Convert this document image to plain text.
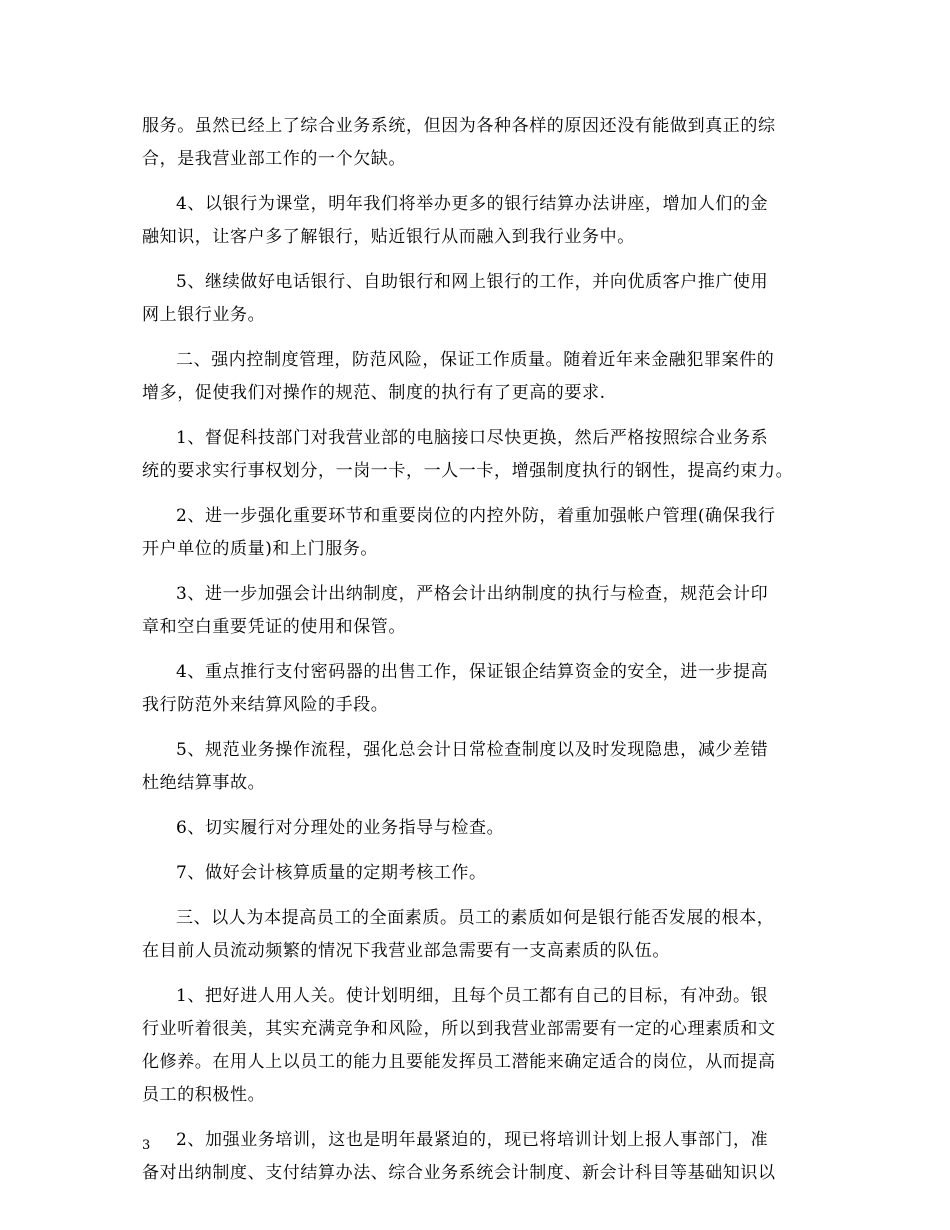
服务。虽然已经上了综合业务系统，但因为各种各样的原因还没有能做到真正的综
合，是我营业部工作的一个欠缺。
4、以银行为课堂，明年我们将举办更多的银行结算办法讲座，增加人们的金
融知识，让客户多了解银行，贴近银行从而融入到我行业务中。
5、继续做好电话银行、自助银行和网上银行的工作，并向优质客户推广使用
网上银行业务。
二、强内控制度管理，防范风险，保证工作质量。随着近年来金融犯罪案件的
增多，促使我们对操作的规范、制度的执行有了更高的要求.
1、督促科技部门对我营业部的电脑接口尽快更换，然后严格按照综合业务系
统的要求实行事权划分，一岗一卡，一人一卡，增强制度执行的钢性，提高约束力。
2、进一步强化重要环节和重要岗位的内控外防，着重加强帐户管理(确保我行
开户单位的质量)和上门服务。
3、进一步加强会计出纳制度，严格会计出纳制度的执行与检查，规范会计印
章和空白重要凭证的使用和保管。
4、重点推行支付密码器的出售工作，保证银企结算资金的安全，进一步提高
我行防范外来结算风险的手段。
5、规范业务操作流程，强化总会计日常检查制度以及时发现隐患，减少差错
杜绝结算事故。
6、切实履行对分理处的业务指导与检查。
7、做好会计核算质量的定期考核工作。
三、以人为本提高员工的全面素质。员工的素质如何是银行能否发展的根本，
在目前人员流动频繁的情况下我营业部急需要有一支高素质的队伍。
1、把好进人用人关。使计划明细，且每个员工都有自己的目标，有冲劲。银
行业听着很美，其实充满竞争和风险，所以到我营业部需要有一定的心理素质和文
化修养。在用人上以员工的能力且要能发挥员工潜能来确定适合的岗位，从而提高
员工的积极性。
2、加强业务培训，这也是明年最紧迫的，现已将培训计划上报人事部门，准
备对出纳制度、支付结算办法、综合业务系统会计制度、新会计科目等基础知识以
3
